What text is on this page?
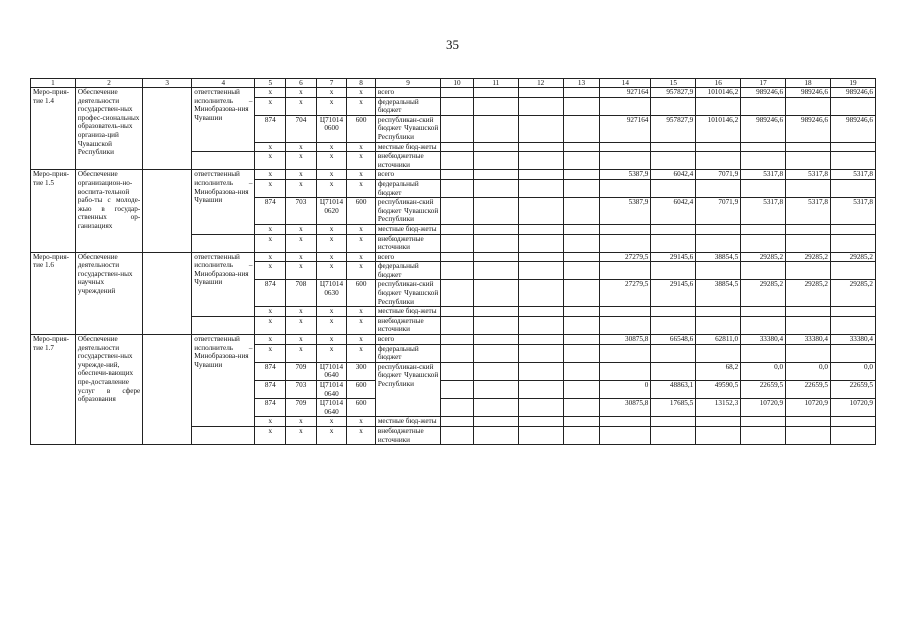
35
1	2	3	4	5	6	7	8	9	10	11	12	13	14	15	16	17	18	19
Меро-прия-тие 1.4	Обеспечение деятельности государствен-ных профес-сиональных образователь-ных организа-ций Чувашской Республики		ответственный исполнитель – Минобразова-ния Чувашии	x	x	x	x	всего					927164	957827,9	1010146,2	989246,6	989246,6	989246,6
				x	x	x	x	федеральный бюджет										
				874	704	Ц71014 0600	600	республикан-ский бюджет Чувашской Республики					927164	957827,9	1010146,2	989246,6	989246,6	989246,6
				x	x	x	x	местные бюд-жеты										
				x	x	x	x	внебюджетные источники										
Меро-прия-тие 1.5	Обеспечение организацион-но-воспита-тельной рабо-ты с молоде-жью в государ-ственных ор-ганизациях		ответственный исполнитель – Минобразова-ния Чувашии	x	x	x	x	всего					5387,9	6042,4	7071,9	5317,8	5317,8	5317,8
				x	x	x	x	федеральный бюджет										
				874	703	Ц71014 0620	600	республикан-ский бюджет Чувашской Республики					5387,9	6042,4	7071,9	5317,8	5317,8	5317,8
				x	x	x	x	местные бюд-жеты										
				x	x	x	x	внебюджетные источники										
Меро-прия-тие 1.6	Обеспечение деятельности государствен-ных научных учреждений		ответственный исполнитель – Минобразова-ния Чувашии	x	x	x	x	всего					27279,5	29145,6	38854,5	29285,2	29285,2	29285,2
				x	x	x	x	федеральный бюджет										
				874	708	Ц71014 0630	600	республикан-ский бюджет Чувашской Республики					27279,5	29145,6	38854,5	29285,2	29285,2	29285,2
				x	x	x	x	местные бюд-жеты										
				x	x	x	x	внебюджетные источники										
Меро-прия-тие 1.7	Обеспечение деятельности государствен-ных учрежде-ний, обеспечи-вающих пре-доставление услуг в сфере образования		ответственный исполнитель – Минобразова-ния Чувашии	x	x	x	x	всего					30875,8	66548,6	62811,0	33380,4	33380,4	33380,4
				x	x	x	x	федеральный бюджет										
				874	709	Ц71014 0640	300	республикан-ский бюджет Чувашской Республики							68,2	0,0	0,0	0,0
				874	703	Ц71014 0640	600						0	48863,1	49590,5	22659,5	22659,5	22659,5
				874	709	Ц71014 0640	600						30875,8	17685,5	13152,3	10720,9	10720,9	10720,9
				x	x	x	x	местные бюд-жеты										
				x	x	x	x	внебюджетные источники										
